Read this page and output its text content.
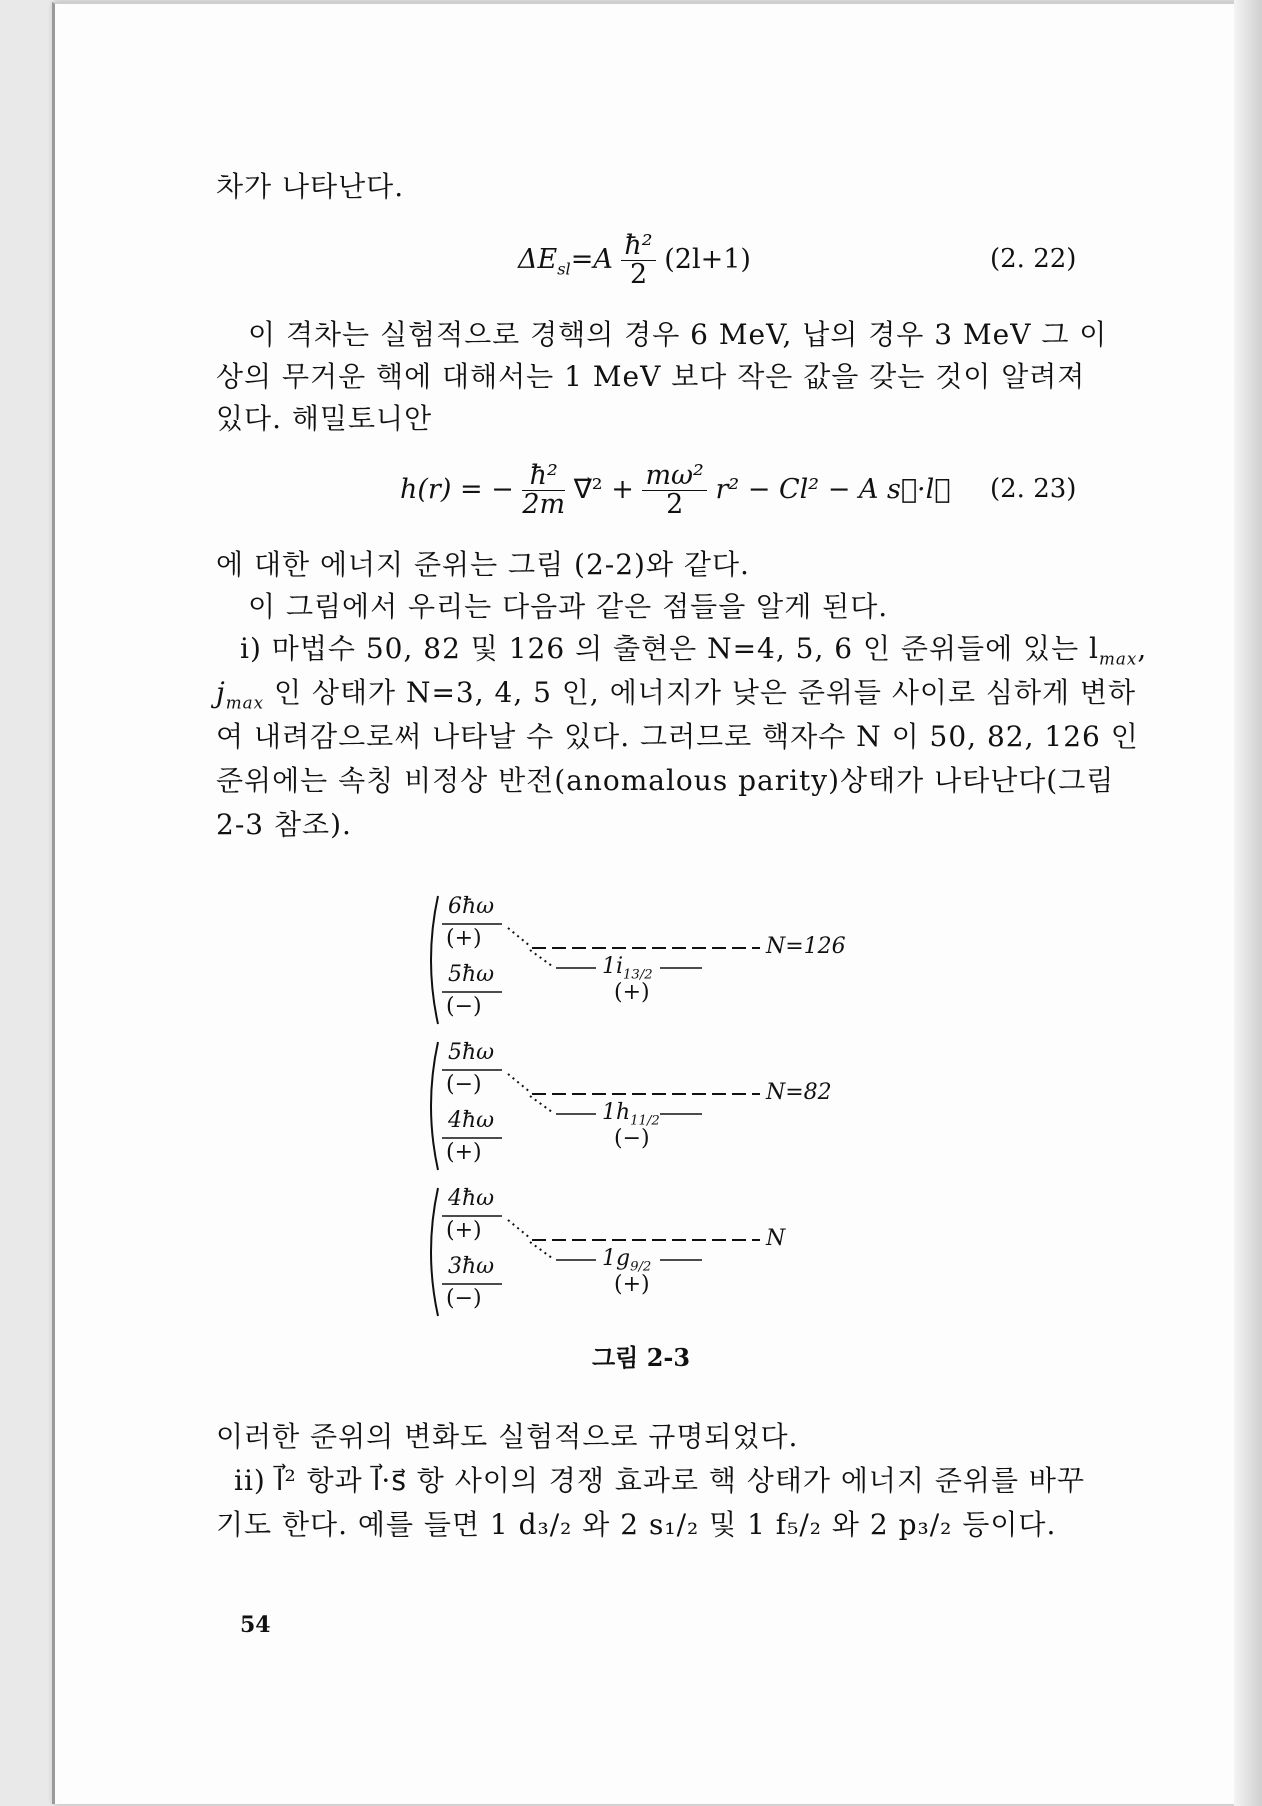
차가 나타난다.
$\Delta E_{sl}=A \frac{\text{ħ²}}{2} (2l+1)$	(2. 22)
이 격차는 실험적으로 경핵의 경우 6 MeV, 납의 경우 3 MeV 그 이
상의 무거운 핵에 대해서는 1 MeV 보다 작은 값을 갖는 것이 알려져
있다. 해밀토니안
h(r) = − $\frac{\text{ħ²}}{2m}$ ∇⃗² + $\frac{\text{mω²}}{2} r^2 - Cl^2 - A$ s⃗·l⃗ (2. 23)
에 대한 에너지 준위는 그림 (2-2)와 같다.
이 그림에서 우리는 다음과 같은 점들을 알게 된다.
i) 마법수 50, 82 및 126 의 출현은 N=4, 5, 6 인 준위들에 있는 $l_{max}$,
$j_{max}$ 인 상태가 N=3, 4, 5 인, 에너지가 낮은 준위들 사이로 심하게 변하
여 내려감으로써 나타날 수 있다. 그러므로 핵자수 N 이 50, 82, 126 인
준위에는 속칭 비정상 반전(anomalous parity)상태가 나타난다(그림
2-3 참조).
6ħω
(+)
5ħω
(−)
$1i_{13/2}$
(+)
N=126
5ħω
(−)
4ħω
(+)
$1h_{11/2}$
(−)
N=82
4ħω
(+)
3ħω
(−)
$1g_{9/2}$
(+)
N
그림 2-3
이러한 준위의 변화도 실험적으로 규명되었다.
ii) l⃗² 항과 l⃗·s⃗ 항 사이의 경쟁 효과로 핵 상태가 에너지 준위를 바꾸
기도 한다. 예를 들면 1 d₃/₂ 와 2 s₁/₂ 및 1 f₅/₂ 와 2 p₃/₂ 등이다.
54
